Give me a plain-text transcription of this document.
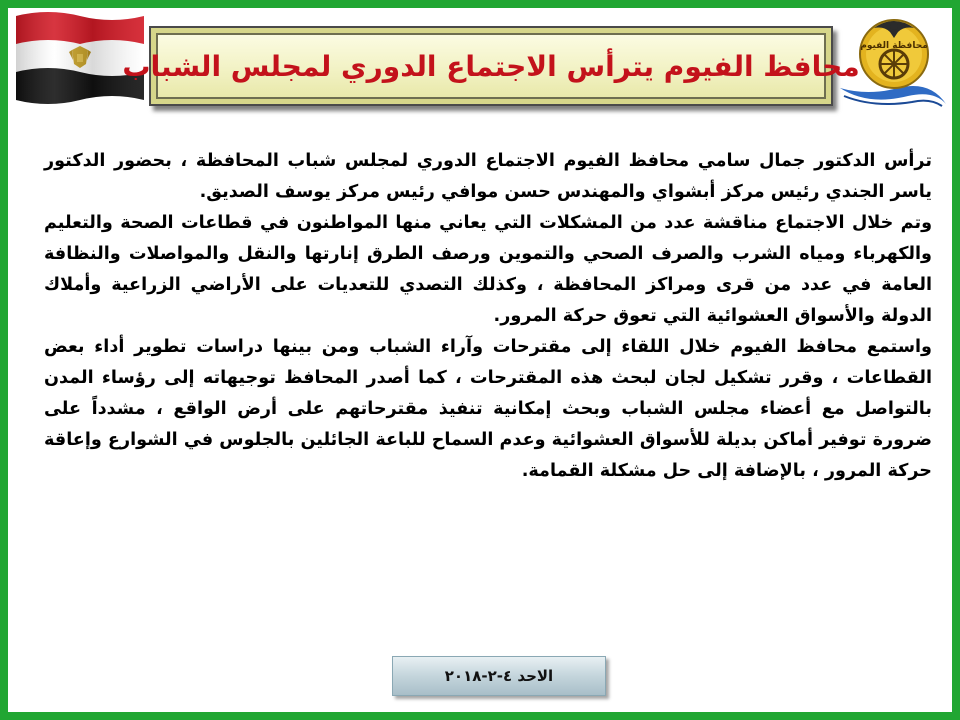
محافظة الفيوم
محافظ الفيوم يترأس الاجتماع الدوري لمجلس الشباب

ترأس الدكتور جمال سامي محافظ الفيوم الاجتماع الدوري لمجلس شباب المحافظة ، بحضور الدكتور ياسر الجندي رئيس مركز أبشواي والمهندس حسن موافي رئيس مركز يوسف الصديق.

وتم خلال الاجتماع مناقشة عدد من المشكلات التي يعاني منها المواطنون في قطاعات الصحة والتعليم والكهرباء ومياه الشرب والصرف الصحي والتموين ورصف الطرق إنارتها والنقل والمواصلات والنظافة العامة في عدد من قرى ومراكز المحافظة ، وكذلك التصدي للتعديات على الأراضي الزراعية وأملاك الدولة والأسواق العشوائية التي تعوق حركة المرور.

واستمع محافظ الفيوم خلال اللقاء إلى مقترحات وآراء الشباب ومن بينها دراسات تطوير أداء بعض القطاعات ، وقرر تشكيل لجان لبحث هذه المقترحات ، كما أصدر المحافظ توجيهاته إلى رؤساء المدن بالتواصل مع أعضاء مجلس الشباب وبحث إمكانية تنفيذ مقترحاتهم على أرض الواقع ، مشدداً على ضرورة توفير أماكن بديلة للأسواق العشوائية وعدم السماح للباعة الجائلين بالجلوس في الشوارع وإعاقة حركة المرور ، بالإضافة إلى حل مشكلة القمامة.

الاحد ٤-٢-٢٠١٨
